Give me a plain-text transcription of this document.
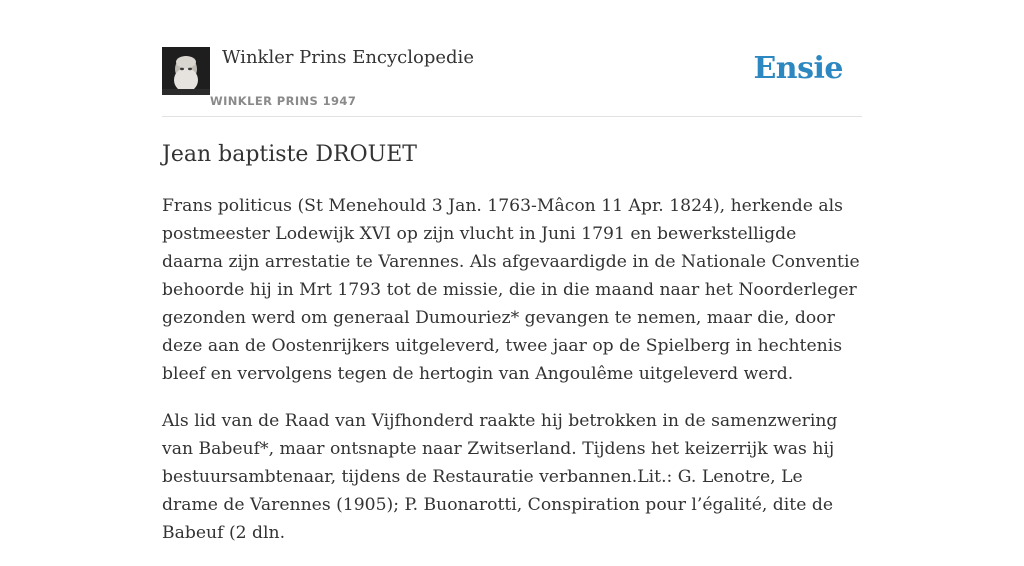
Winkler Prins Encyclopedie
WINKLER PRINS 1947
Ensie
Jean baptiste DROUET

Frans politicus (St Menehould 3 Jan. 1763-Mâcon 11 Apr. 1824), herkende als postmeester Lodewijk XVI op zijn vlucht in Juni 1791 en bewerkstelligde daarna zijn arrestatie te Varennes. Als afgevaardigde in de Nationale Conventie behoorde hij in Mrt 1793 tot de missie, die in die maand naar het Noorderleger gezonden werd om generaal Dumouriez* gevangen te nemen, maar die, door deze aan de Oostenrijkers uitgeleverd, twee jaar op de Spielberg in hechtenis bleef en vervolgens tegen de hertogin van Angoulême uitgeleverd werd.

Als lid van de Raad van Vijfhonderd raakte hij betrokken in de samenzwering van Babeuf*, maar ontsnapte naar Zwitserland. Tijdens het keizerrijk was hij bestuursambtenaar, tijdens de Restauratie verbannen.Lit.: G. Lenotre, Le drame de Varennes (1905); P. Buonarotti, Conspiration pour l’égalité, dite de Babeuf (2 dln.
